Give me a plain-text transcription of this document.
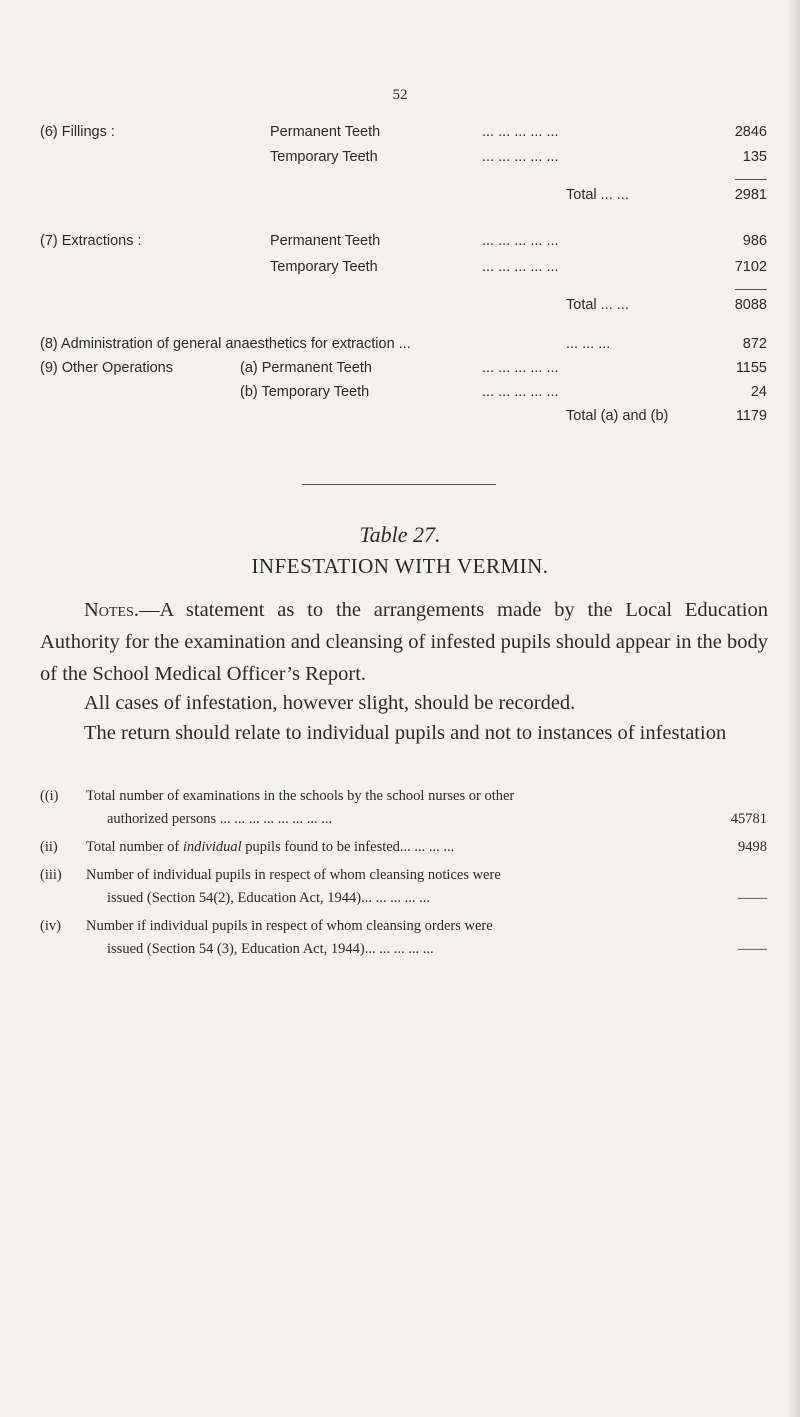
52
(6) Fillings :	Permanent Teeth	... ... ... ... ...	2846
Temporary Teeth	... ... ... ... ...	135
Total ... ...	2981
(7) Extractions :	Permanent Teeth	... ... ... ... ...	986
Temporary Teeth	... ... ... ... ...	7102
Total ... ...	8088
(8) Administration of general anaesthetics for extraction ...	... ... ...	872
(9) Other Operations	(a) Permanent Teeth	... ... ... ... ...	1155
(b) Temporary Teeth	... ... ... ... ...	24
Total (a) and (b)	1179
Table 27.
INFESTATION WITH VERMIN.
Notes.—A statement as to the arrangements made by the Local Education Authority for the examination and cleansing of infested pupils should appear in the body of the School Medical Officer’s Report.
All cases of infestation, however slight, should be recorded.
The return should relate to individual pupils and not to instances of infestation
((i) Total number of examinations in the schools by the school nurses or other
authorized persons ... ... ... ... ... ... ... ...	45781
(ii) Total number of individual pupils found to be infested... ... ... ...	9498
(iii) Number of individual pupils in respect of whom cleansing notices were
issued (Section 54(2), Education Act, 1944)... ... ... ... ...	——
(iv) Number if individual pupils in respect of whom cleansing orders were
issued (Section 54 (3), Education Act, 1944)... ... ... ... ...	——
